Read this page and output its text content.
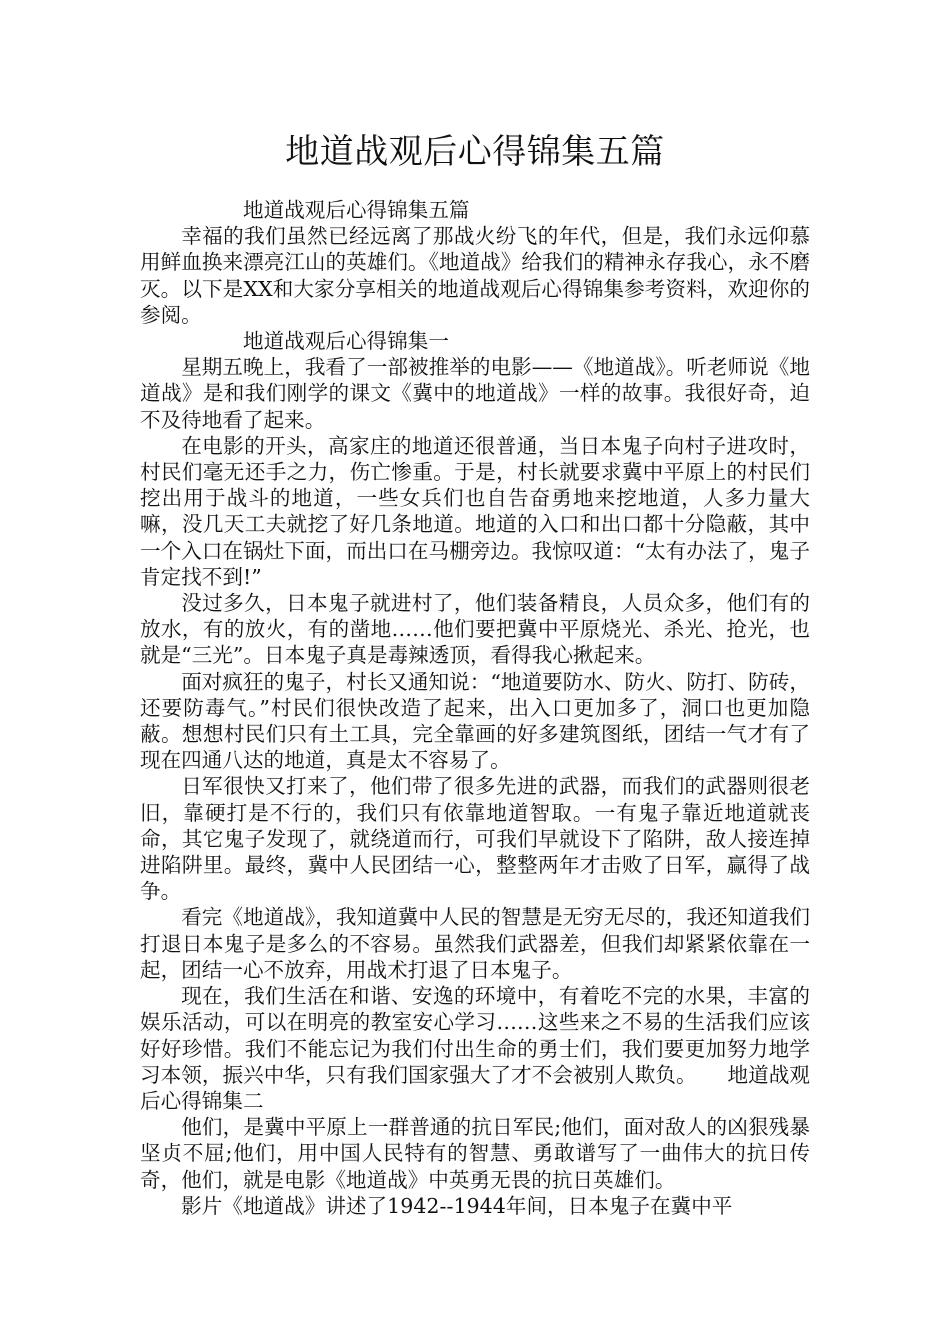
地道战观后心得锦集五篇

地道战观后心得锦集五篇

幸福的我们虽然已经远离了那战火纷飞的年代，但是，我们永远仰慕用鲜血换来漂亮江山的英雄们。《地道战》给我们的精神永存我心，永不磨灭。以下是XX和大家分享相关的地道战观后心得锦集参考资料，欢迎你的参阅。

地道战观后心得锦集一

星期五晚上，我看了一部被推举的电影——《地道战》。听老师说《地道战》是和我们刚学的课文《冀中的地道战》一样的故事。我很好奇，迫不及待地看了起来。

在电影的开头，高家庄的地道还很普通，当日本鬼子向村子进攻时，村民们毫无还手之力，伤亡惨重。于是，村长就要求冀中平原上的村民们挖出用于战斗的地道，一些女兵们也自告奋勇地来挖地道，人多力量大嘛，没几天工夫就挖了好几条地道。地道的入口和出口都十分隐蔽，其中一个入口在锅灶下面，而出口在马棚旁边。我惊叹道：“太有办法了，鬼子肯定找不到!”

没过多久，日本鬼子就进村了，他们装备精良，人员众多，他们有的放水，有的放火，有的凿地……他们要把冀中平原烧光、杀光、抢光，也就是“三光”。日本鬼子真是毒辣透顶，看得我心揪起来。

面对疯狂的鬼子，村长又通知说：“地道要防水、防火、防打、防砖，还要防毒气。”村民们很快改造了起来，出入口更加多了，洞口也更加隐蔽。想想村民们只有土工具，完全靠画的好多建筑图纸，团结一气才有了现在四通八达的地道，真是太不容易了。

日军很快又打来了，他们带了很多先进的武器，而我们的武器则很老旧，靠硬打是不行的，我们只有依靠地道智取。一有鬼子靠近地道就丧命，其它鬼子发现了，就绕道而行，可我们早就设下了陷阱，敌人接连掉进陷阱里。最终，冀中人民团结一心，整整两年才击败了日军，赢得了战争。

看完《地道战》，我知道冀中人民的智慧是无穷无尽的，我还知道我们打退日本鬼子是多么的不容易。虽然我们武器差，但我们却紧紧依靠在一起，团结一心不放弃，用战术打退了日本鬼子。

现在，我们生活在和谐、安逸的环境中，有着吃不完的水果，丰富的娱乐活动，可以在明亮的教室安心学习……这些来之不易的生活我们应该好好珍惜。我们不能忘记为我们付出生命的勇士们，我们要更加努力地学习本领，振兴中华，只有我们国家强大了才不会被别人欺负。　　地道战观后心得锦集二

他们，是冀中平原上一群普通的抗日军民;他们，面对敌人的凶狠残暴坚贞不屈;他们，用中国人民特有的智慧、勇敢谱写了一曲伟大的抗日传奇，他们，就是电影《地道战》中英勇无畏的抗日英雄们。

影片《地道战》讲述了1942--1944年间，日本鬼子在冀中平
